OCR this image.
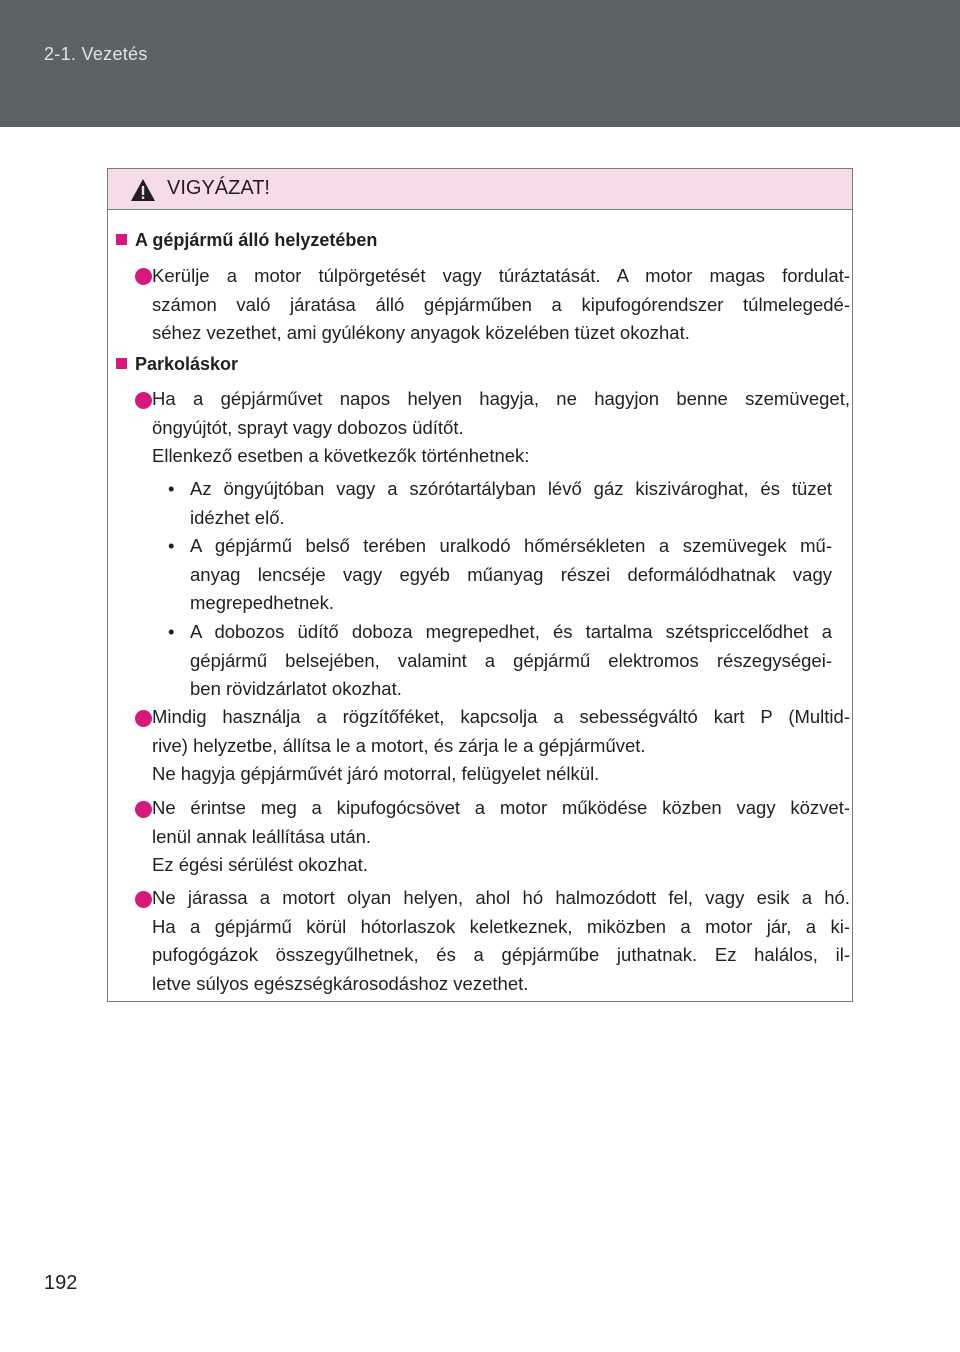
2-1. Vezetés
VIGYÁZAT!
A gépjármű álló helyzetében
Kerülje a motor túlpörgetését vagy túráztatását. A motor magas fordulat-
számon való járatása álló gépjárműben a kipufogórendszer túlmelegedé-
séhez vezethet, ami gyúlékony anyagok közelében tüzet okozhat.
Parkoláskor
Ha a gépjárművet napos helyen hagyja, ne hagyjon benne szemüveget,
öngyújtót, sprayt vagy dobozos üdítőt.
Ellenkező esetben a következők történhetnek:
• Az öngyújtóban vagy a szórótartályban lévő gáz kiszivároghat, és tüzet
idézhet elő.
• A gépjármű belső terében uralkodó hőmérsékleten a szemüvegek mű-
anyag lencséje vagy egyéb műanyag részei deformálódhatnak vagy
megrepedhetnek.
• A dobozos üdítő doboza megrepedhet, és tartalma szétspriccelődhet a
gépjármű belsejében, valamint a gépjármű elektromos részegységei-
ben rövidzárlatot okozhat.
Mindig használja a rögzítőféket, kapcsolja a sebességváltó kart P (Multid-
rive) helyzetbe, állítsa le a motort, és zárja le a gépjárművet.
Ne hagyja gépjárművét járó motorral, felügyelet nélkül.
Ne érintse meg a kipufogócsövet a motor működése közben vagy közvet-
lenül annak leállítása után.
Ez égési sérülést okozhat.
Ne járassa a motort olyan helyen, ahol hó halmozódott fel, vagy esik a hó.
Ha a gépjármű körül hótorlaszok keletkeznek, miközben a motor jár, a ki-
pufogógázok összegyűlhetnek, és a gépjárműbe juthatnak. Ez halálos, il-
letve súlyos egészségkárosodáshoz vezethet.
192
